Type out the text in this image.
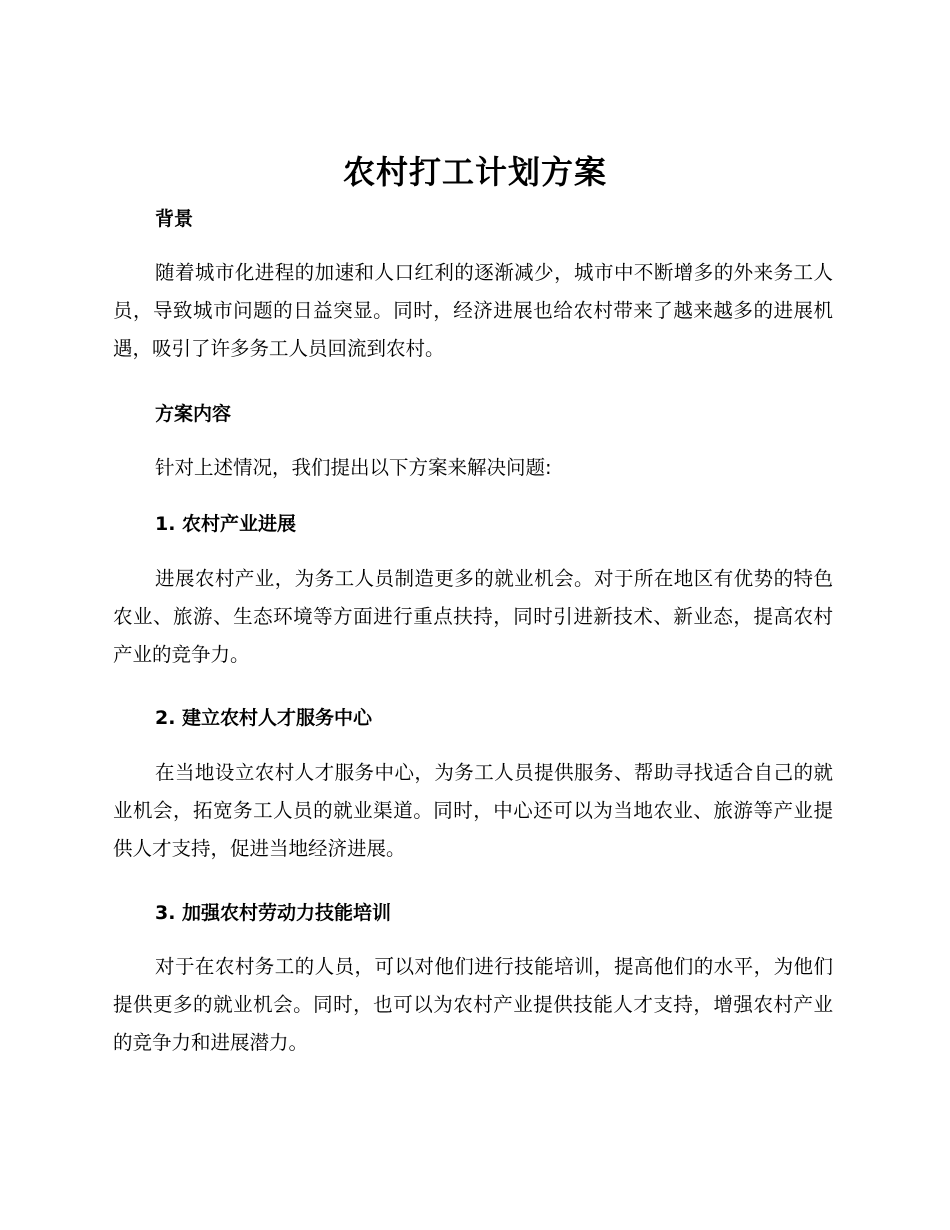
农村打工计划方案
背景

随着城市化进程的加速和人口红利的逐渐减少，城市中不断增多的外来务工人员，导致城市问题的日益突显。同时，经济进展也给农村带来了越来越多的进展机遇，吸引了许多务工人员回流到农村。

方案内容

针对上述情况，我们提出以下方案来解决问题:

1. 农村产业进展

进展农村产业，为务工人员制造更多的就业机会。对于所在地区有优势的特色农业、旅游、生态环境等方面进行重点扶持，同时引进新技术、新业态，提高农村产业的竞争力。

2. 建立农村人才服务中心

在当地设立农村人才服务中心，为务工人员提供服务、帮助寻找适合自己的就业机会，拓宽务工人员的就业渠道。同时，中心还可以为当地农业、旅游等产业提供人才支持，促进当地经济进展。

3. 加强农村劳动力技能培训

对于在农村务工的人员，可以对他们进行技能培训，提高他们的水平，为他们提供更多的就业机会。同时，也可以为农村产业提供技能人才支持，增强农村产业的竞争力和进展潜力。
